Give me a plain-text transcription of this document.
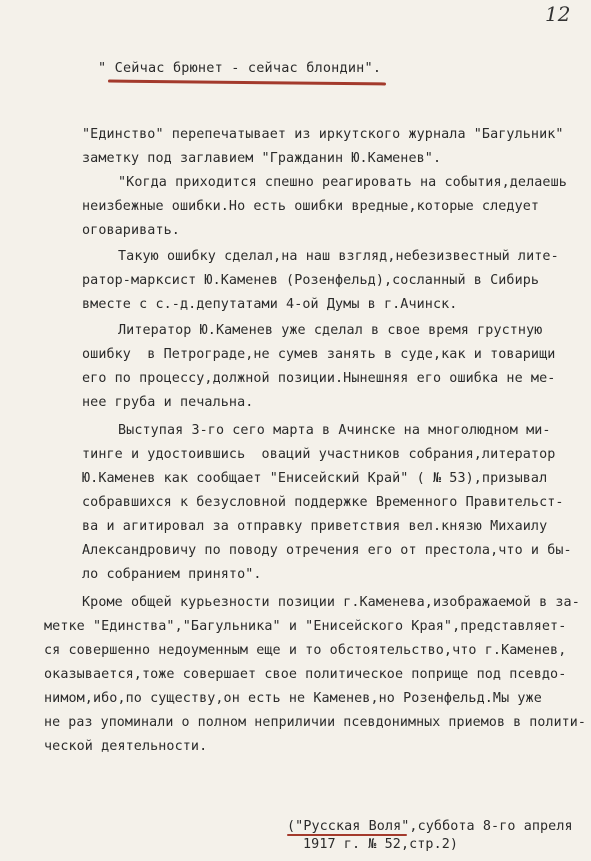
12
" Сейчас брюнет - сейчас блондин".
"Единство" перепечатывает из иркутского журнала "Багульник"
заметку под заглавием "Гражданин Ю.Каменев".
"Когда приходится спешно реагировать на события,делаешь
неизбежные ошибки.Но есть ошибки вредные,которые следует
оговаривать.
Такую ошибку сделал,на наш взгляд,небезизвестный лите-
ратор-марксист Ю.Каменев (Розенфельд),сосланный в Сибирь
вместе с с.-д.депутатами 4-ой Думы в г.Ачинск.
Литератор Ю.Каменев уже сделал в свое время грустную
ошибку  в Петрограде,не сумев занять в суде,как и товарищи
его по процессу,должной позиции.Нынешняя его ошибка не ме-
нее груба и печальна.
Выступая 3-го сего марта в Ачинске на многолюдном ми-
тинге и удостоившись  оваций участников собрания,литератор
Ю.Каменев как сообщает "Енисейский Край" ( № 53),призывал
собравшихся к безусловной поддержке Временного Правительст-
ва и агитировал за отправку приветствия вел.князю Михаилу
Александровичу по поводу отречения его от престола,что и бы-
ло собранием принято".
Кроме общей курьезности позиции г.Каменева,изображаемой в за-
метке "Единства","Багульника" и "Енисейского Края",представляет-
ся совершенно недоуменным еще и то обстоятельство,что г.Каменев,
оказывается,тоже совершает свое политическое поприще под псевдо-
нимом,ибо,по существу,он есть не Каменев,но Розенфельд.Мы уже
не раз упоминали о полном неприличии псевдонимных приемов в полити-
ческой деятельности.
("Русская Воля",суббота 8-го апреля
1917 г. № 52,стр.2)
